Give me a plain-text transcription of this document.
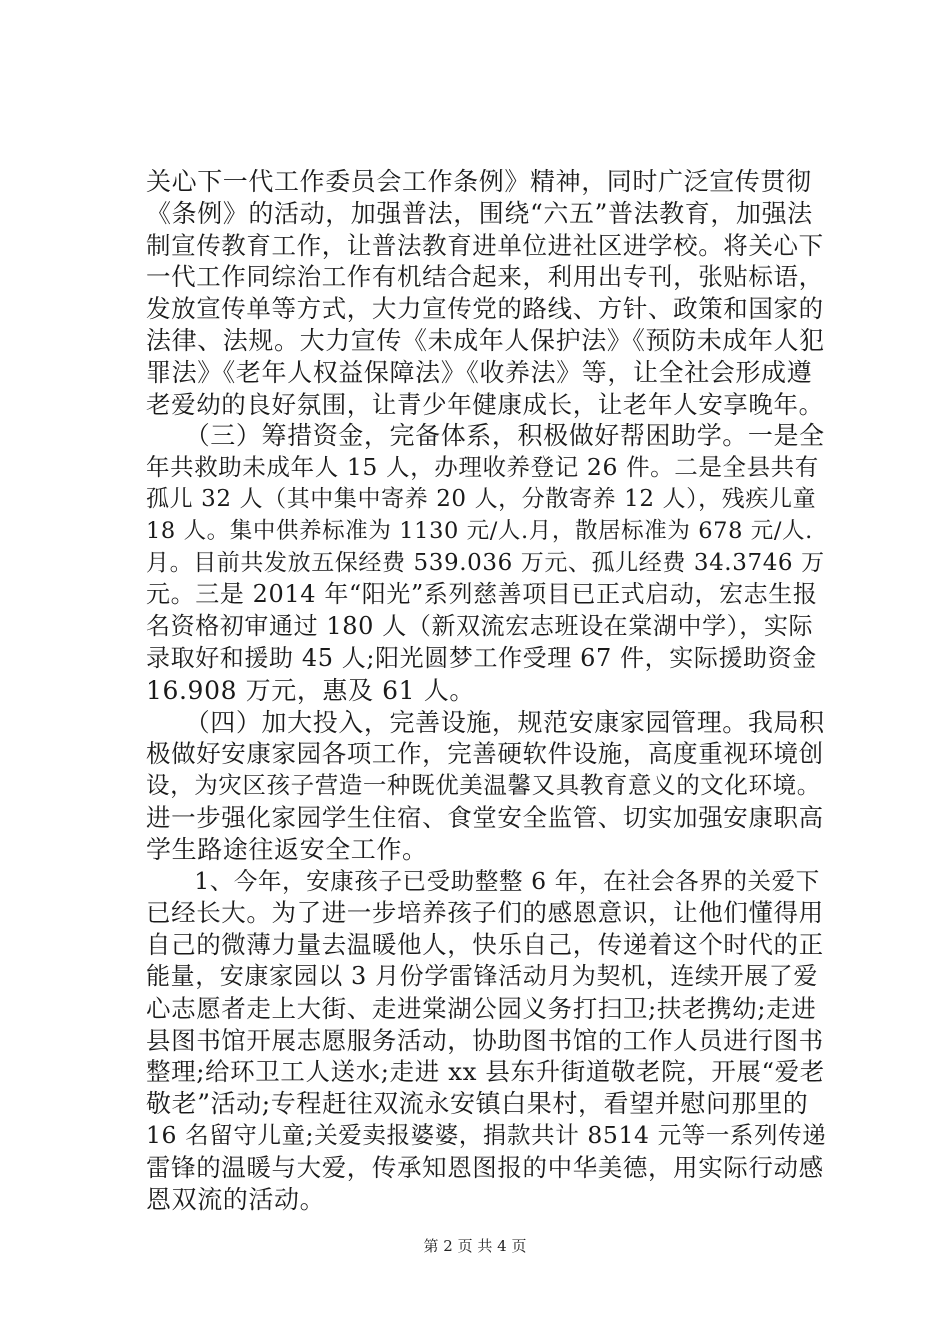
关心下一代工作委员会工作条例》精神，同时广泛宣传贯彻
《条例》的活动，加强普法，围绕“六五”普法教育，加强法
制宣传教育工作，让普法教育进单位进社区进学校。将关心下
一代工作同综治工作有机结合起来，利用出专刊，张贴标语，
发放宣传单等方式，大力宣传党的路线、方针、政策和国家的
法律、法规。大力宣传《未成年人保护法》《预防未成年人犯
罪法》《老年人权益保障法》《收养法》等，让全社会形成遵
老爱幼的良好氛围，让青少年健康成长，让老年人安享晚年。
　　（三）筹措资金，完备体系，积极做好帮困助学。一是全
年共救助未成年人 15 人，办理收养登记 26 件。二是全县共有
孤儿 32 人（其中集中寄养 20 人，分散寄养 12 人），残疾儿童
18 人。集中供养标准为 1130 元/人.月，散居标准为 678 元/人.
月。目前共发放五保经费 539.036 万元、孤儿经费 34.3746 万
元。三是 2014 年“阳光”系列慈善项目已正式启动，宏志生报
名资格初审通过 180 人（新双流宏志班设在棠湖中学），实际
录取好和援助 45 人;阳光圆梦工作受理 67 件，实际援助资金
16.908 万元，惠及 61 人。
　　（四）加大投入，完善设施，规范安康家园管理。我局积
极做好安康家园各项工作，完善硬软件设施，高度重视环境创
设，为灾区孩子营造一种既优美温馨又具教育意义的文化环境。
进一步强化家园学生住宿、食堂安全监管、切实加强安康职高
学生路途往返安全工作。
　　1、今年，安康孩子已受助整整 6 年，在社会各界的关爱下
已经长大。为了进一步培养孩子们的感恩意识，让他们懂得用
自己的微薄力量去温暖他人，快乐自己，传递着这个时代的正
能量，安康家园以 3 月份学雷锋活动月为契机，连续开展了爱
心志愿者走上大街、走进棠湖公园义务打扫卫;扶老携幼;走进
县图书馆开展志愿服务活动，协助图书馆的工作人员进行图书
整理;给环卫工人送水;走进 xx 县东升街道敬老院，开展“爱老
敬老”活动;专程赶往双流永安镇白果村，看望并慰问那里的
16 名留守儿童;关爱卖报婆婆，捐款共计 8514 元等一系列传递
雷锋的温暖与大爱，传承知恩图报的中华美德，用实际行动感
恩双流的活动。
第 2 页 共 4 页
